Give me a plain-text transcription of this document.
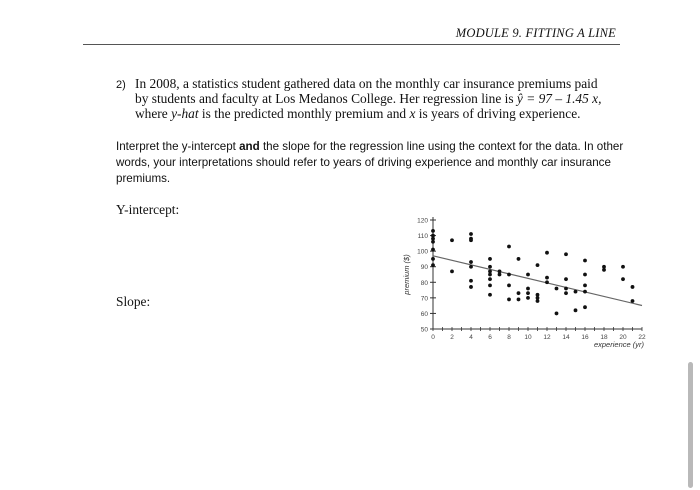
MODULE 9. FITTING A LINE
2) In 2008, a statistics student gathered data on the monthly car insurance premiums paid
by students and faculty at Los Medanos College. Her regression line is ŷ = 97 – 1.45 x,
where y-hat is the predicted monthly premium and x is years of driving experience.
Interpret the y-intercept and the slope for the regression line using the context for the data. In other words, your interpretations should refer to years of driving experience and monthly car insurance premiums.
Y-intercept:
Slope:
50
60
70
80
90
100
110
120
0 2 4 6 8 10 12 14 16 18 20 22
experience (yr)
premium ($)
